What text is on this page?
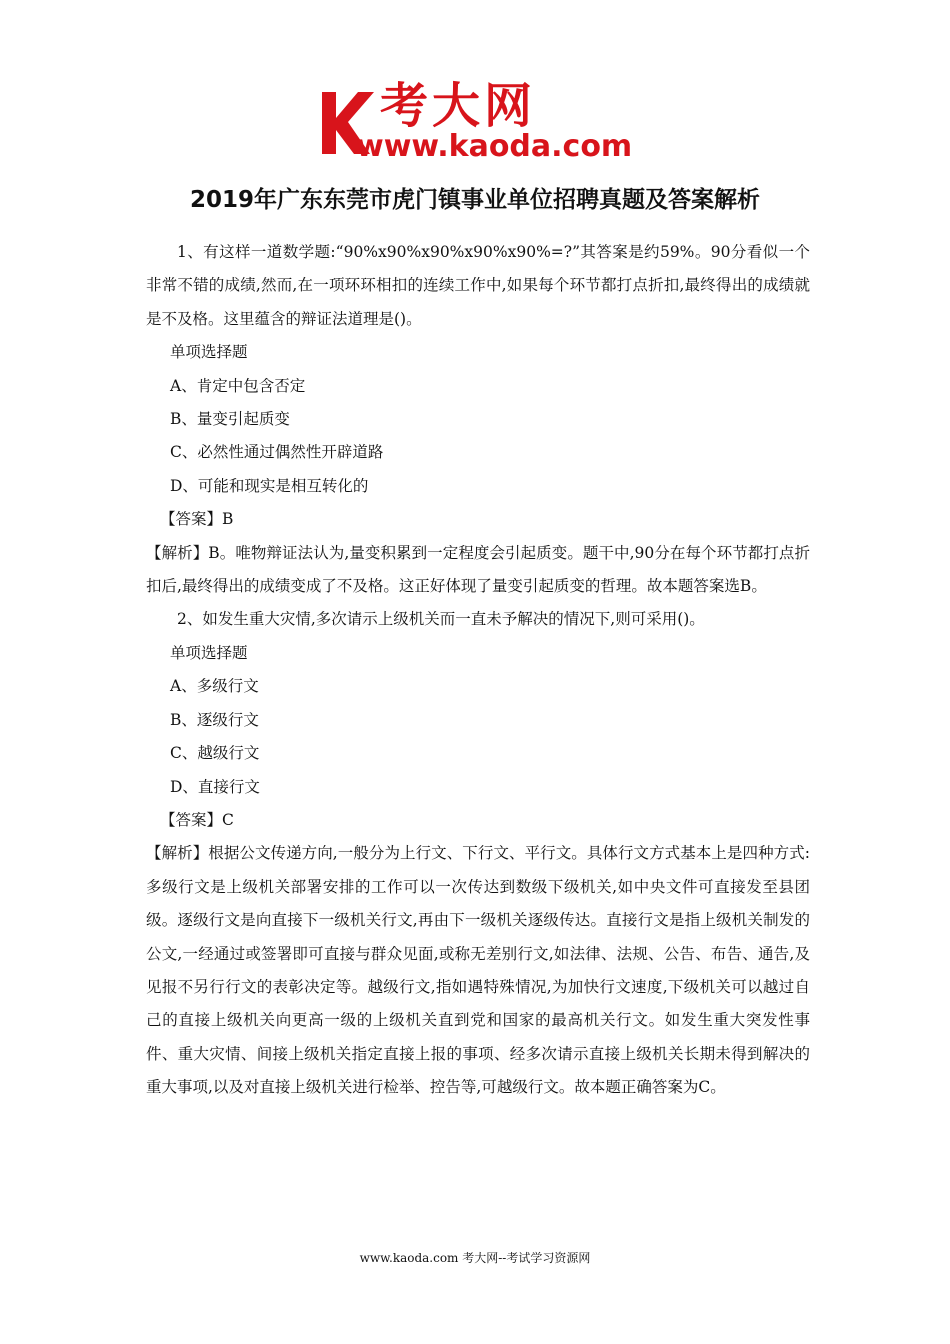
考大网
www.kaoda.com
2019年广东东莞市虎门镇事业单位招聘真题及答案解析

1、有这样一道数学题:“90%x90%x90%x90%x90%=?”其答案是约59%。90分看似一个非常不错的成绩,然而,在一项环环相扣的连续工作中,如果每个环节都打点折扣,最终得出的成绩就是不及格。这里蕴含的辩证法道理是()。

单项选择题

A、肯定中包含否定

B、量变引起质变

C、必然性通过偶然性开辟道路

D、可能和现实是相互转化的

【答案】B

【解析】B。唯物辩证法认为,量变积累到一定程度会引起质变。题干中,90分在每个环节都打点折扣后,最终得出的成绩变成了不及格。这正好体现了量变引起质变的哲理。故本题答案选B。

2、如发生重大灾情,多次请示上级机关而一直未予解决的情况下,则可采用()。

单项选择题

A、多级行文

B、逐级行文

C、越级行文

D、直接行文

【答案】C

【解析】根据公文传递方向,一般分为上行文、下行文、平行文。具体行文方式基本上是四种方式:多级行文是上级机关部署安排的工作可以一次传达到数级下级机关,如中央文件可直接发至县团级。逐级行文是向直接下一级机关行文,再由下一级机关逐级传达。直接行文是指上级机关制发的公文,一经通过或签署即可直接与群众见面,或称无差别行文,如法律、法规、公告、布告、通告,及见报不另行行文的表彰决定等。越级行文,指如遇特殊情况,为加快行文速度,下级机关可以越过自己的直接上级机关向更高一级的上级机关直到党和国家的最高机关行文。如发生重大突发性事件、重大灾情、间接上级机关指定直接上报的事项、经多次请示直接上级机关长期未得到解决的重大事项,以及对直接上级机关进行检举、控告等,可越级行文。故本题正确答案为C。

www.kaoda.com 考大网--考试学习资源网
